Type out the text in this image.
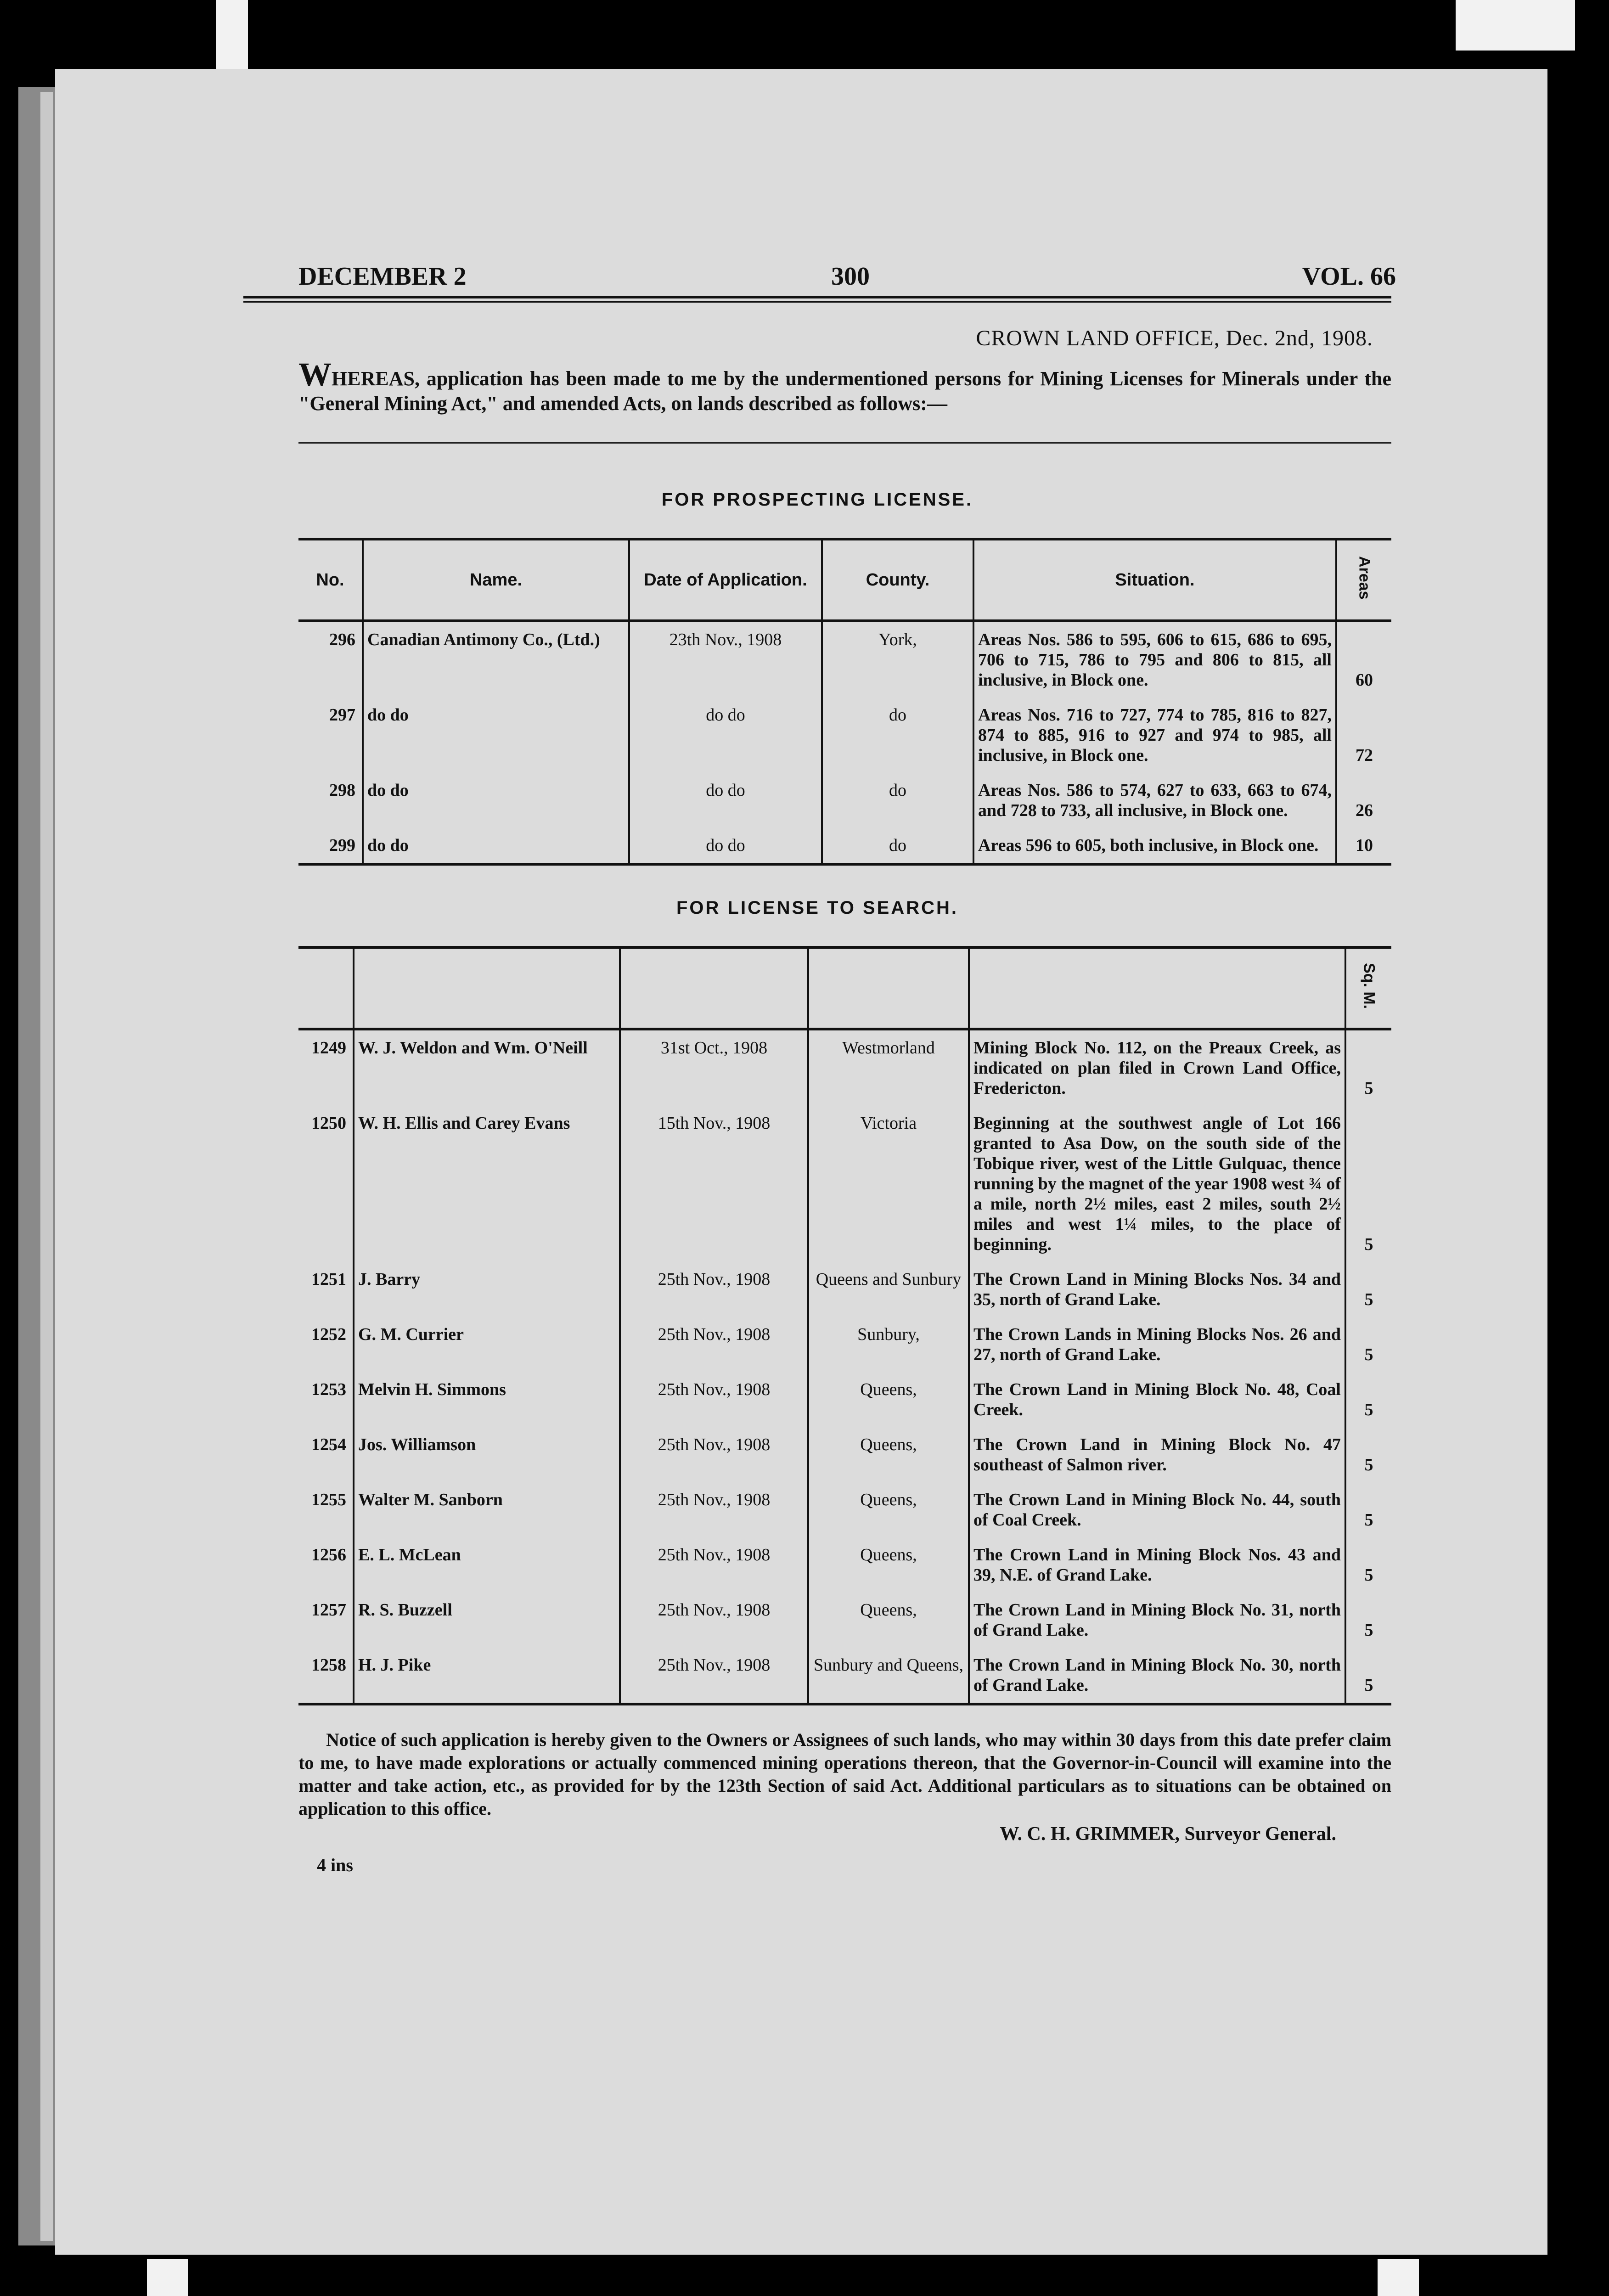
DECEMBER 2	300	VOL. 66
CROWN LAND OFFICE, Dec. 2nd, 1908.
WHEREAS, application has been made to me by the undermentioned persons for Mining Licenses for Minerals under the "General Mining Act," and amended Acts, on lands described as follows:—
FOR PROSPECTING LICENSE.
No.	Name.	Date of Application.	County.	Situation.	Areas
296	Canadian Antimony Co., (Ltd.)	23th Nov., 1908	York,	Areas Nos. 586 to 595, 606 to 615, 686 to 695, 706 to 715, 786 to 795 and 806 to 815, all inclusive, in Block one.	60
297	do do	do do	do	Areas Nos. 716 to 727, 774 to 785, 816 to 827, 874 to 885, 916 to 927 and 974 to 985, all inclusive, in Block one.	72
298	do do	do do	do	Areas Nos. 586 to 574, 627 to 633, 663 to 674, and 728 to 733, all inclusive, in Block one.	26
299	do do	do do	do	Areas 596 to 605, both inclusive, in Block one.	10
FOR LICENSE TO SEARCH.
					Sq. M.
1249	W. J. Weldon and Wm. O'Neill	31st Oct., 1908	Westmorland	Mining Block No. 112, on the Preaux Creek, as indicated on plan filed in Crown Land Office, Fredericton.	5
1250	W. H. Ellis and Carey Evans	15th Nov., 1908	Victoria	Beginning at the southwest angle of Lot 166 granted to Asa Dow, on the south side of the Tobique river, west of the Little Gulquac, thence running by the magnet of the year 1908 west ¾ of a mile, north 2½ miles, east 2 miles, south 2½ miles and west 1¼ miles, to the place of beginning.	5
1251	J. Barry	25th Nov., 1908	Queens and Sunbury	The Crown Land in Mining Blocks Nos. 34 and 35, north of Grand Lake.	5
1252	G. M. Currier	25th Nov., 1908	Sunbury,	The Crown Lands in Mining Blocks Nos. 26 and 27, north of Grand Lake.	5
1253	Melvin H. Simmons	25th Nov., 1908	Queens,	The Crown Land in Mining Block No. 48, Coal Creek.	5
1254	Jos. Williamson	25th Nov., 1908	Queens,	The Crown Land in Mining Block No. 47 southeast of Salmon river.	5
1255	Walter M. Sanborn	25th Nov., 1908	Queens,	The Crown Land in Mining Block No. 44, south of Coal Creek.	5
1256	E. L. McLean	25th Nov., 1908	Queens,	The Crown Land in Mining Block Nos. 43 and 39, N.E. of Grand Lake.	5
1257	R. S. Buzzell	25th Nov., 1908	Queens,	The Crown Land in Mining Block No. 31, north of Grand Lake.	5
1258	H. J. Pike	25th Nov., 1908	Sunbury and Queens,	The Crown Land in Mining Block No. 30, north of Grand Lake.	5
Notice of such application is hereby given to the Owners or Assignees of such lands, who may within 30 days from this date prefer claim to me, to have made explorations or actually commenced mining operations thereon, that the Governor-in-Council will examine into the matter and take action, etc., as provided for by the 123th Section of said Act. Additional particulars as to situations can be obtained on application to this office.
W. C. H. GRIMMER, Surveyor General.
4 ins
